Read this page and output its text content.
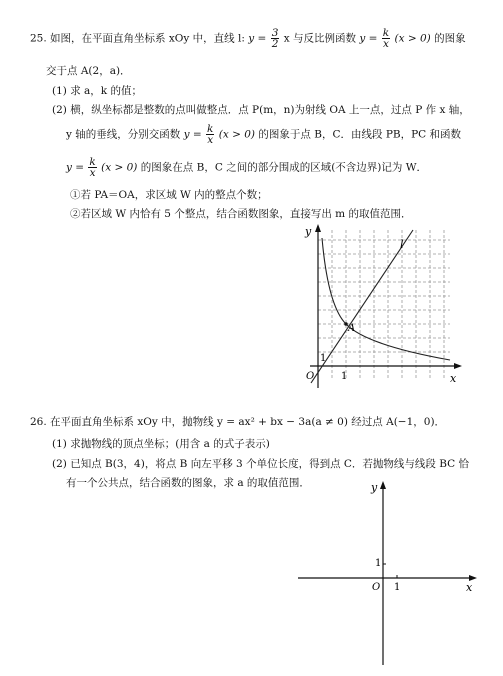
25. 如图，在平面直角坐标系 xOy 中，直线 l: $y = \frac{3}{2}$ x 与反比例函数 $y = \frac{k}{x} (x > 0)$ 的图象
交于点 A(2，a)．
(1) 求 a，k 的值；
(2) 横，纵坐标都是整数的点叫做整点．点 P(m，n)为射线 OA 上一点，过点 P 作 x 轴，
y 轴的垂线，分别交函数 $y = \frac{k}{x} (x > 0)$ 的图象于点 B，C．由线段 PB，PC 和函数
$y = \frac{k}{x} (x > 0)$ 的图象在点 B，C 之间的部分围成的区域(不含边界)记为 W．
①若 PA＝OA，求区域 W 内的整点个数；
②若区域 W 内恰有 5 个整点，结合函数图象，直接写出 m 的取值范围．
y
x
O	1
1
A
l
26. 在平面直角坐标系 xOy 中，抛物线 y = ax² + bx − 3a(a ≠ 0) 经过点 A(−1，0)．
(1) 求抛物线的顶点坐标；(用含 a 的式子表示)
(2) 已知点 B(3，4)，将点 B 向左平移 3 个单位长度，得到点 C．若抛物线与线段 BC 恰
有一个公共点，结合函数的图象，求 a 的取值范围．	y
x
O 1
1
